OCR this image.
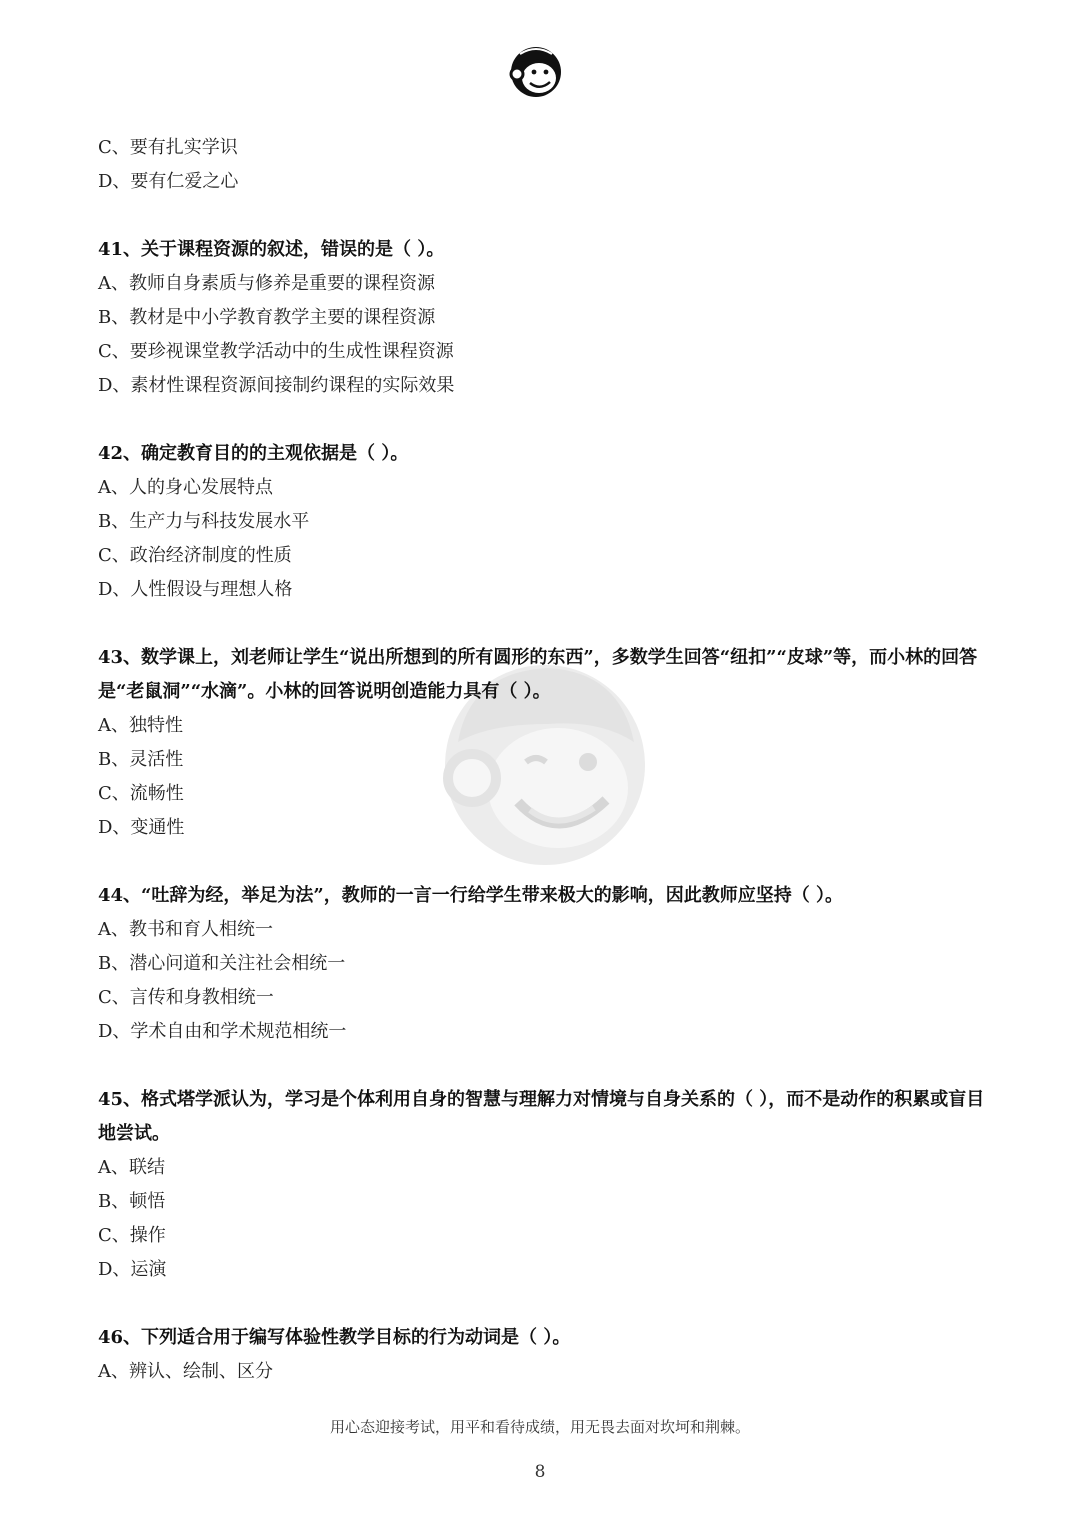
C、要有扎实学识
D、要有仁爱之心
41、关于课程资源的叙述，错误的是（ ）。
A、教师自身素质与修养是重要的课程资源
B、教材是中小学教育教学主要的课程资源
C、要珍视课堂教学活动中的生成性课程资源
D、素材性课程资源间接制约课程的实际效果
42、确定教育目的的主观依据是（ ）。
A、人的身心发展特点
B、生产力与科技发展水平
C、政治经济制度的性质
D、人性假设与理想人格
43、数学课上，刘老师让学生“说出所想到的所有圆形的东西”，多数学生回答“纽扣”“皮球”等，而小林的回答是“老鼠洞”“水滴”。小林的回答说明创造能力具有（ ）。
A、独特性
B、灵活性
C、流畅性
D、变通性
44、“吐辞为经，举足为法”，教师的一言一行给学生带来极大的影响，因此教师应坚持（ ）。
A、教书和育人相统一
B、潜心问道和关注社会相统一
C、言传和身教相统一
D、学术自由和学术规范相统一
45、格式塔学派认为，学习是个体利用自身的智慧与理解力对情境与自身关系的（ ），而不是动作的积累或盲目地尝试。
A、联结
B、顿悟
C、操作
D、运演
46、下列适合用于编写体验性教学目标的行为动词是（ ）。
A、辨认、绘制、区分
用心态迎接考试，用平和看待成绩，用无畏去面对坎坷和荆棘。
8
